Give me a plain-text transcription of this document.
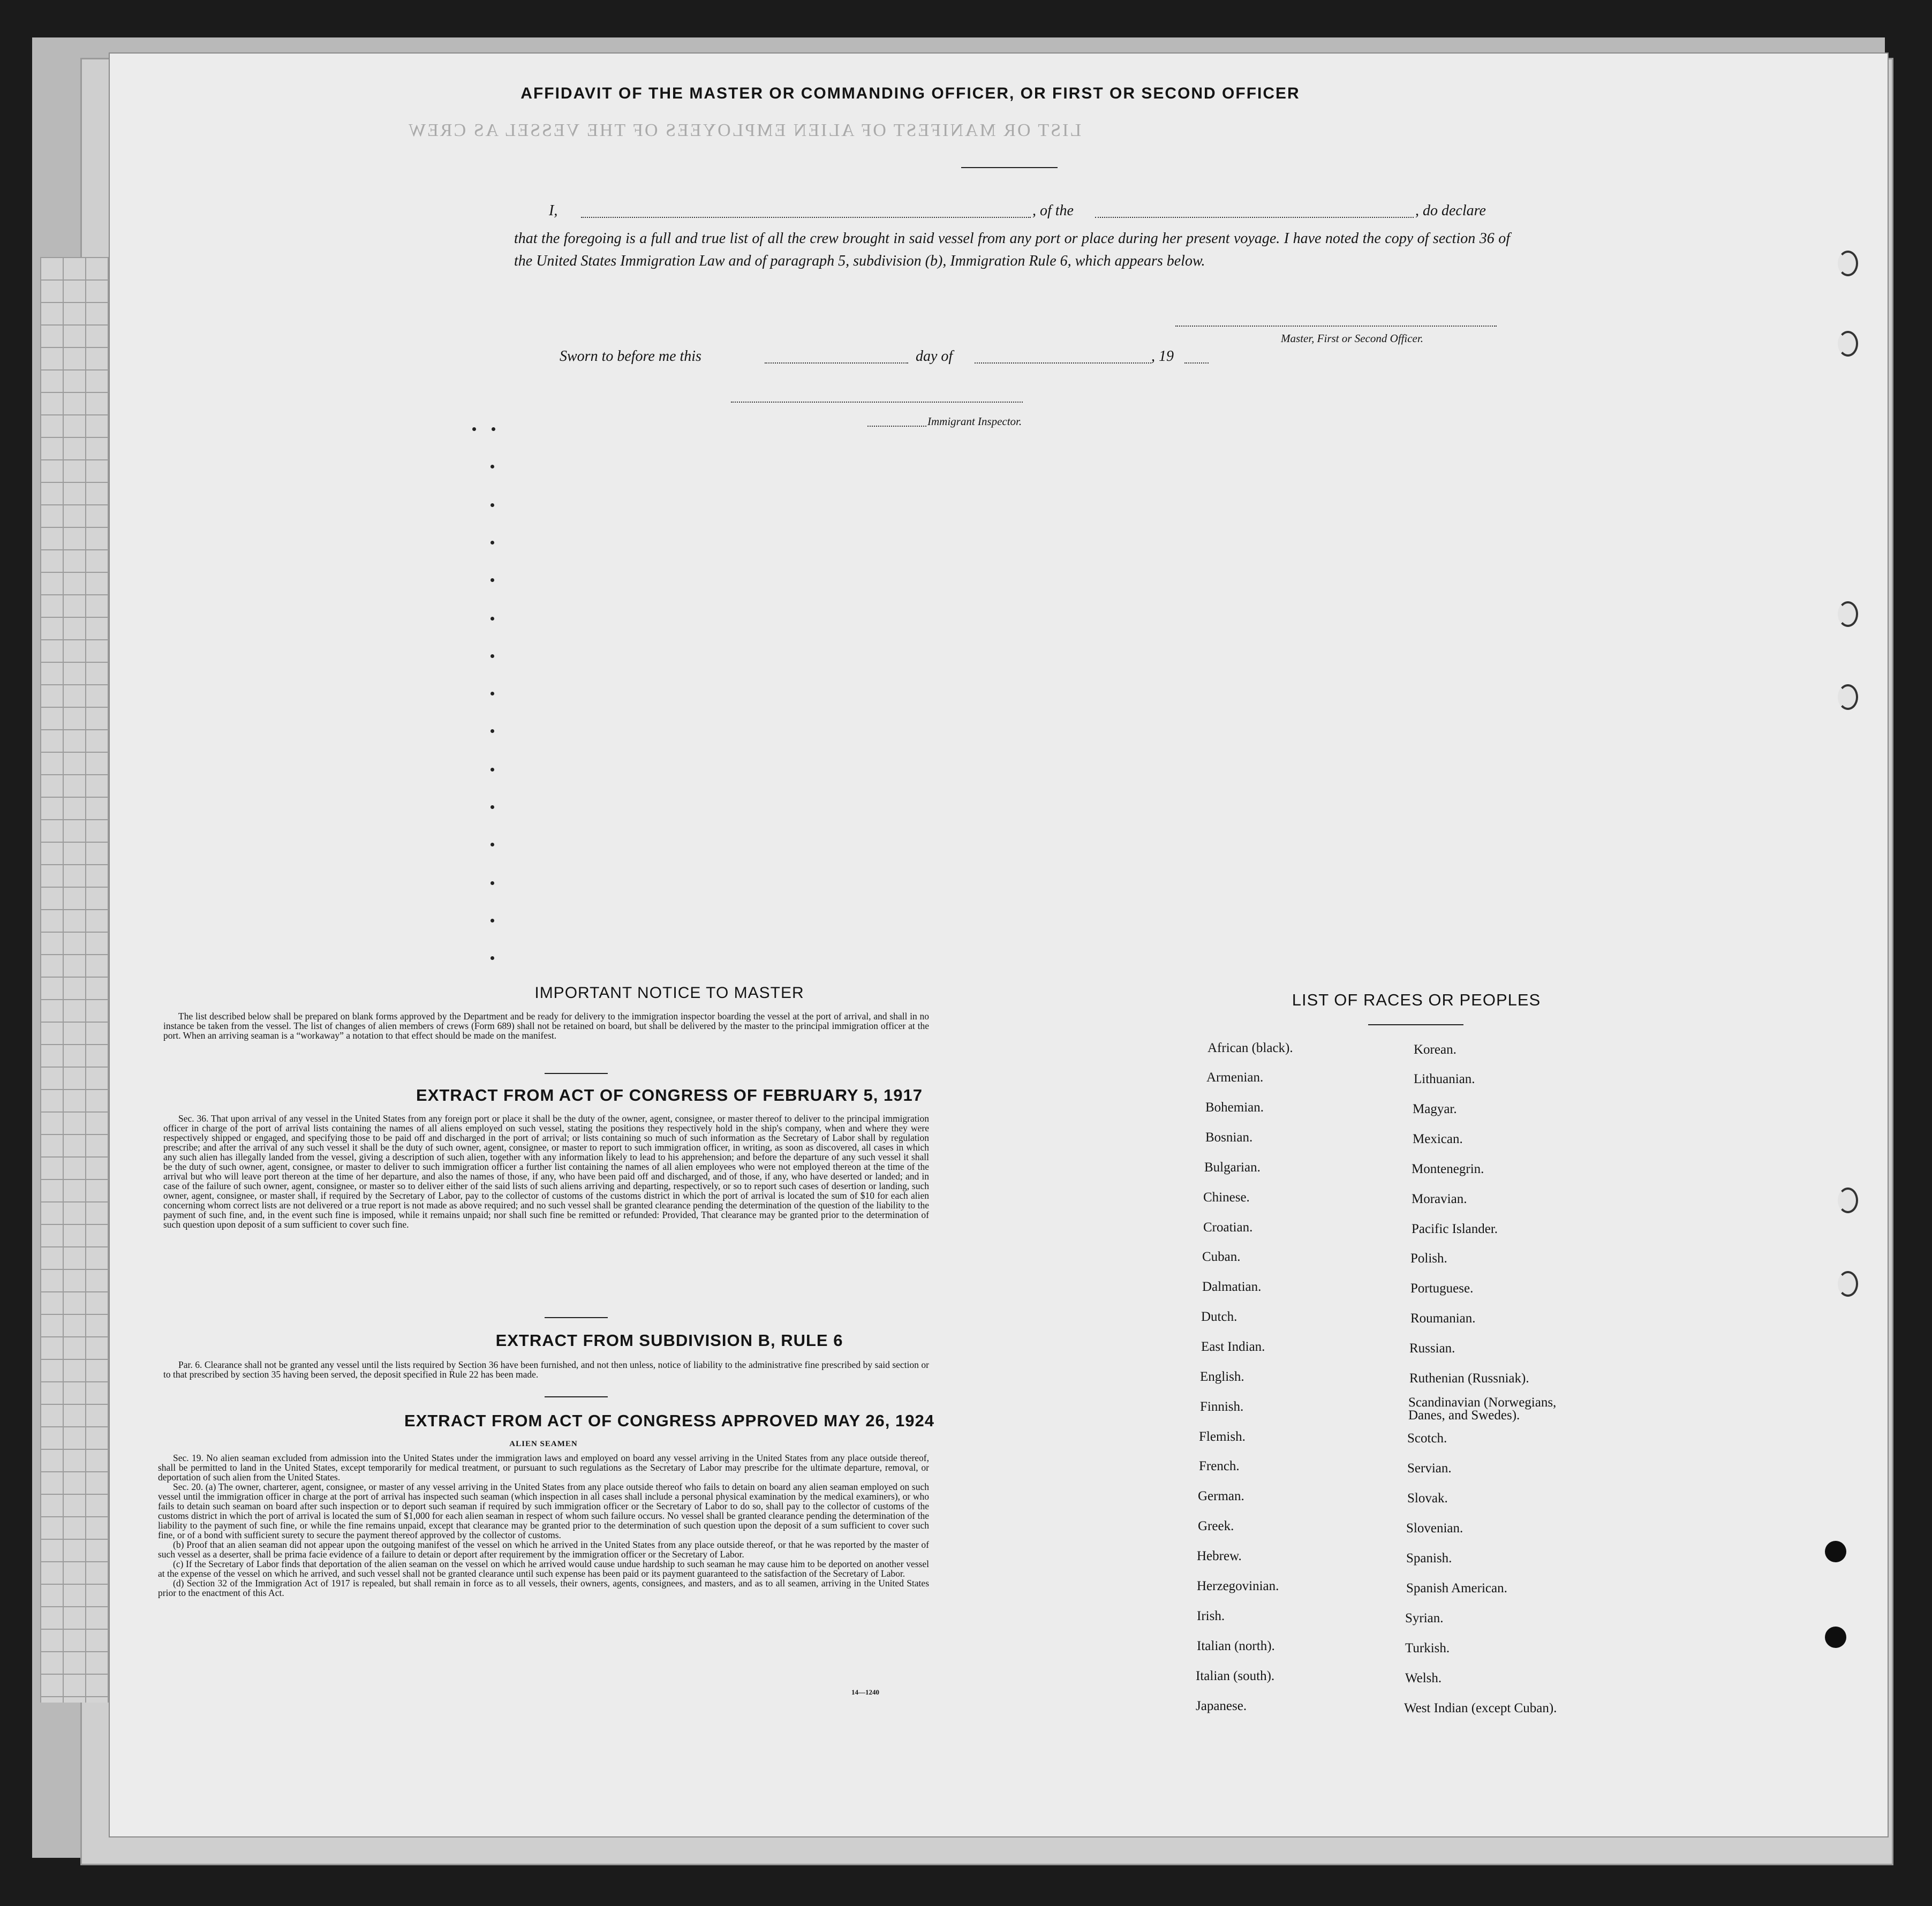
LIST OR MANIFEST OF ALIEN EMPLOYEES OF THE VESSEL AS CREW
AFFIDAVIT OF THE MASTER OR COMMANDING OFFICER, OR FIRST OR SECOND OFFICER
I,	, of the	, do declare
that the foregoing is a full and true list of all the crew brought in said vessel from any port or place during her present voyage. I have noted the copy of section 36 of the United States Immigration Law and of paragraph 5, subdivision (b), Immigration Rule 6, which appears below.
Master, First or Second Officer.
Sworn to before me this	day of	, 19
Immigrant Inspector.
IMPORTANT NOTICE TO MASTER

The list described below shall be prepared on blank forms approved by the Department and be ready for delivery to the immigration inspector boarding the vessel at the port of arrival, and shall in no instance be taken from the vessel. The list of changes of alien members of crews (Form 689) shall not be retained on board, but shall be delivered by the master to the principal immigration officer at the port. When an arriving seaman is a “workaway” a notation to that effect should be made on the manifest.

EXTRACT FROM ACT OF CONGRESS OF FEBRUARY 5, 1917

Sec. 36. That upon arrival of any vessel in the United States from any foreign port or place it shall be the duty of the owner, agent, consignee, or master thereof to deliver to the principal immigration officer in charge of the port of arrival lists containing the names of all aliens employed on such vessel, stating the positions they respectively hold in the ship's company, when and where they were respectively shipped or engaged, and specifying those to be paid off and discharged in the port of arrival; or lists containing so much of such information as the Secretary of Labor shall by regulation prescribe; and after the arrival of any such vessel it shall be the duty of such owner, agent, consignee, or master to report to such immigration officer, in writing, as soon as discovered, all cases in which any such alien has illegally landed from the vessel, giving a description of such alien, together with any information likely to lead to his apprehension; and before the departure of any such vessel it shall be the duty of such owner, agent, consignee, or master to deliver to such immigration officer a further list containing the names of all alien employees who were not employed thereon at the time of the arrival but who will leave port thereon at the time of her departure, and also the names of those, if any, who have been paid off and discharged, and of those, if any, who have deserted or landed; and in case of the failure of such owner, agent, consignee, or master so to deliver either of the said lists of such aliens arriving and departing, respectively, or so to report such cases of desertion or landing, such owner, agent, consignee, or master shall, if required by the Secretary of Labor, pay to the collector of customs of the customs district in which the port of arrival is located the sum of $10 for each alien concerning whom correct lists are not delivered or a true report is not made as above required; and no such vessel shall be granted clearance pending the determination of the question of the liability to the payment of such fine, and, in the event such fine is imposed, while it remains unpaid; nor shall such fine be remitted or refunded: Provided, That clearance may be granted prior to the determination of such question upon deposit of a sum sufficient to cover such fine.

EXTRACT FROM SUBDIVISION B, RULE 6

Par. 6. Clearance shall not be granted any vessel until the lists required by Section 36 have been furnished, and not then unless, notice of liability to the administrative fine prescribed by said section or to that prescribed by section 35 having been served, the deposit specified in Rule 22 has been made.

EXTRACT FROM ACT OF CONGRESS APPROVED MAY 26, 1924

ALIEN SEAMEN

Sec. 19. No alien seaman excluded from admission into the United States under the immigration laws and employed on board any vessel arriving in the United States from any place outside thereof, shall be permitted to land in the United States, except temporarily for medical treatment, or pursuant to such regulations as the Secretary of Labor may prescribe for the ultimate departure, removal, or deportation of such alien from the United States.

Sec. 20. (a) The owner, charterer, agent, consignee, or master of any vessel arriving in the United States from any place outside thereof who fails to detain on board any alien seaman employed on such vessel until the immigration officer in charge at the port of arrival has inspected such seaman (which inspection in all cases shall include a personal physical examination by the medical examiners), or who fails to detain such seaman on board after such inspection or to deport such seaman if required by such immigration officer or the Secretary of Labor to do so, shall pay to the collector of customs of the customs district in which the port of arrival is located the sum of $1,000 for each alien seaman in respect of whom such failure occurs. No vessel shall be granted clearance pending the determination of the liability to the payment of such fine, or while the fine remains unpaid, except that clearance may be granted prior to the determination of such question upon the deposit of a sum sufficient to cover such fine, or of a bond with sufficient surety to secure the payment thereof approved by the collector of customs.

(b) Proof that an alien seaman did not appear upon the outgoing manifest of the vessel on which he arrived in the United States from any place outside thereof, or that he was reported by the master of such vessel as a deserter, shall be prima facie evidence of a failure to detain or deport after requirement by the immigration officer or the Secretary of Labor.

(c) If the Secretary of Labor finds that deportation of the alien seaman on the vessel on which he arrived would cause undue hardship to such seaman he may cause him to be deported on another vessel at the expense of the vessel on which he arrived, and such vessel shall not be granted clearance until such expense has been paid or its payment guaranteed to the satisfaction of the Secretary of Labor.

(d) Section 32 of the Immigration Act of 1917 is repealed, but shall remain in force as to all vessels, their owners, agents, consignees, and masters, and as to all seamen, arriving in the United States prior to the enactment of this Act.

14—1240
LIST OF RACES OR PEOPLES
African (black).
Armenian.
Bohemian.
Bosnian.
Bulgarian.
Chinese.
Croatian.
Cuban.
Dalmatian.
Dutch.
East Indian.
English.
Finnish.
Flemish.
French.
German.
Greek.
Hebrew.
Herzegovinian.
Irish.
Italian (north).
Italian (south).
Japanese.
Korean.
Lithuanian.
Magyar.
Mexican.
Montenegrin.
Moravian.
Pacific Islander.
Polish.
Portuguese.
Roumanian.
Russian.
Ruthenian (Russniak).
Scandinavian (Norwegians, Danes, and Swedes).
Scotch.
Servian.
Slovak.
Slovenian.
Spanish.
Spanish American.
Syrian.
Turkish.
Welsh.
West Indian (except Cuban).
